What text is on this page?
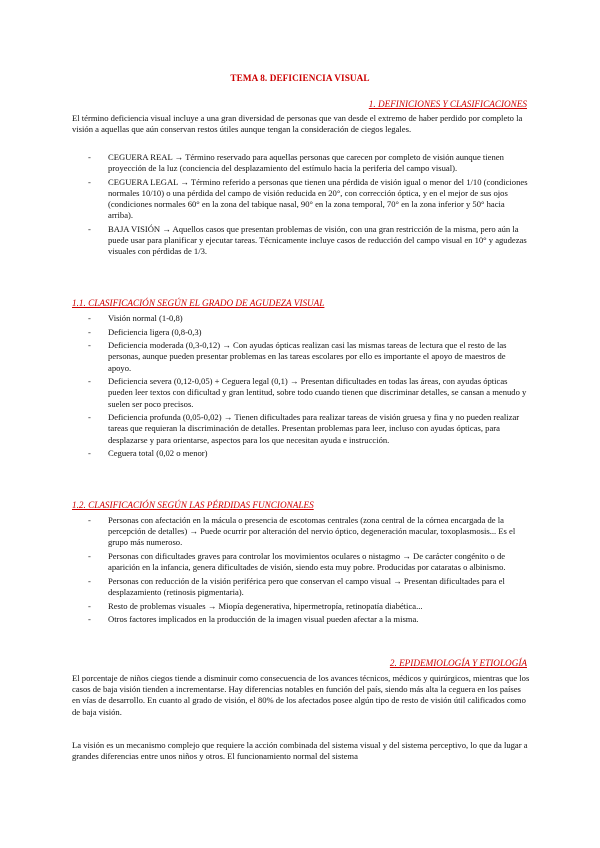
TEMA 8. DEFICIENCIA VISUAL
1. DEFINICIONES Y CLASIFICACIONES

El término deficiencia visual incluye a una gran diversidad de personas que van desde el extremo de haber perdido por completo la visión a aquellas que aún conservan restos útiles aunque tengan la consideración de ciegos legales.

- CEGUERA REAL → Término reservado para aquellas personas que carecen por completo de visión aunque tienen proyección de la luz (conciencia del desplazamiento del estímulo hacia la periferia del campo visual).
- CEGUERA LEGAL → Término referido a personas que tienen una pérdida de visión igual o menor del 1/10 (condiciones normales 10/10) o una pérdida del campo de visión reducida en 20°, con corrección óptica, y en el mejor de sus ojos (condiciones normales 60° en la zona del tabique nasal, 90° en la zona temporal, 70° en la zona inferior y 50° hacia arriba).
- BAJA VISIÓN → Aquellos casos que presentan problemas de visión, con una gran restricción de la misma, pero aún la puede usar para planificar y ejecutar tareas. Técnicamente incluye casos de reducción del campo visual en 10° y agudezas visuales con pérdidas de 1/3.
1.1. CLASIFICACIÓN SEGÚN EL GRADO DE AGUDEZA VISUAL
- Visión normal (1-0,8)
- Deficiencia ligera (0,8-0,3)
- Deficiencia moderada (0,3-0,12) → Con ayudas ópticas realizan casi las mismas tareas de lectura que el resto de las personas, aunque pueden presentar problemas en las tareas escolares por ello es importante el apoyo de maestros de apoyo.
- Deficiencia severa (0,12-0,05) + Ceguera legal (0,1) → Presentan dificultades en todas las áreas, con ayudas ópticas pueden leer textos con dificultad y gran lentitud, sobre todo cuando tienen que discriminar detalles, se cansan a menudo y suelen ser poco precisos.
- Deficiencia profunda (0,05-0,02) → Tienen dificultades para realizar tareas de visión gruesa y fina y no pueden realizar tareas que requieran la discriminación de detalles. Presentan problemas para leer, incluso con ayudas ópticas, para desplazarse y para orientarse, aspectos para los que necesitan ayuda e instrucción.
- Ceguera total (0,02 o menor)
1.2. CLASIFICACIÓN SEGÚN LAS PÉRDIDAS FUNCIONALES
- Personas con afectación en la mácula o presencia de escotomas centrales (zona central de la córnea encargada de la percepción de detalles) → Puede ocurrir por alteración del nervio óptico, degeneración macular, toxoplasmosis... Es el grupo más numeroso.
- Personas con dificultades graves para controlar los movimientos oculares o nistagmo → De carácter congénito o de aparición en la infancia, genera dificultades de visión, siendo esta muy pobre. Producidas por cataratas o albinismo.
- Personas con reducción de la visión periférica pero que conservan el campo visual → Presentan dificultades para el desplazamiento (retinosis pigmentaria).
- Resto de problemas visuales → Miopía degenerativa, hipermetropía, retinopatía diabética...
- Otros factores implicados en la producción de la imagen visual pueden afectar a la misma.
2. EPIDEMIOLOGÍA Y ETIOLOGÍA

El porcentaje de niños ciegos tiende a disminuir como consecuencia de los avances técnicos, médicos y quirúrgicos, mientras que los casos de baja visión tienden a incrementarse. Hay diferencias notables en función del país, siendo más alta la ceguera en los países en vías de desarrollo. En cuanto al grado de visión, el 80% de los afectados posee algún tipo de resto de visión útil calificados como de baja visión.

La visión es un mecanismo complejo que requiere la acción combinada del sistema visual y del sistema perceptivo, lo que da lugar a grandes diferencias entre unos niños y otros. El funcionamiento normal del sistema
